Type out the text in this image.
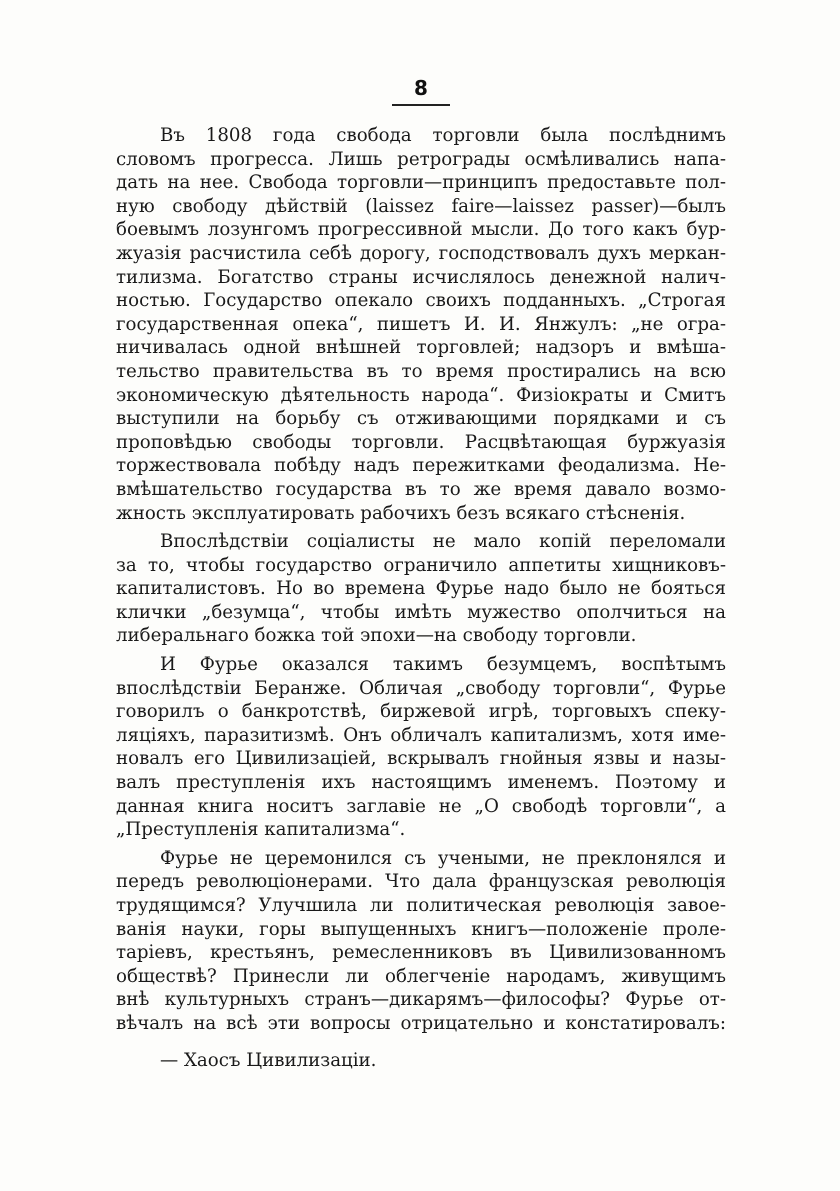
8
Въ 1808 года свобода торговли была послѣднимъ
словомъ прогресса. Лишь ретрограды осмѣливались напа-
дать на нее. Свобода торговли—принципъ предоставьте пол-
ную свободу дѣйствій (laissez faire—laissez passer)—былъ
боевымъ лозунгомъ прогрессивной мысли. До того какъ бур-
жуазія расчистила себѣ дорогу, господствовалъ духъ меркан-
тилизма. Богатство страны исчислялось денежной налич-
ностью. Государство опекало своихъ подданныхъ. „Строгая
государственная опека“, пишетъ И. И. Янжулъ: „не огра-
ничивалась одной внѣшней торговлей; надзоръ и вмѣша-
тельство правительства въ то время простирались на всю
экономическую дѣятельность народа“. Физіократы и Смитъ
выступили на борьбу съ отживающими порядками и съ
проповѣдью свободы торговли. Расцвѣтающая буржуазія
торжествовала побѣду надъ пережитками феодализма. Не-
вмѣшательство государства въ то же время давало возмо-
жность эксплуатировать рабочихъ безъ всякаго стѣсненія.
Впослѣдствіи соціалисты не мало копій переломали
за то, чтобы государство ограничило аппетиты хищниковъ-
капиталистовъ. Но во времена Фурье надо было не бояться
клички „безумца“, чтобы имѣть мужество ополчиться на
либеральнаго божка той эпохи—на свободу торговли.
И Фурье оказался такимъ безумцемъ, воспѣтымъ
впослѣдствіи Беранже. Обличая „свободу торговли“, Фурье
говорилъ о банкротствѣ, биржевой игрѣ, торговыхъ спеку-
ляціяхъ, паразитизмѣ. Онъ обличалъ капитализмъ, хотя име-
новалъ его Цивилизаціей, вскрывалъ гнойныя язвы и назы-
валъ преступленія ихъ настоящимъ именемъ. Поэтому и
данная книга носитъ заглавіе не „О свободѣ торговли“, а
„Преступленія капитализма“.
Фурье не церемонился съ учеными, не преклонялся и
передъ революціонерами. Что дала французская революція
трудящимся? Улучшила ли политическая революція завое-
ванія науки, горы выпущенныхъ книгъ—положеніе проле-
таріевъ, крестьянъ, ремесленниковъ въ Цивилизованномъ
обществѣ? Принесли ли облегченіе народамъ, живущимъ
внѣ культурныхъ странъ—дикарямъ—философы? Фурье от-
вѣчалъ на всѣ эти вопросы отрицательно и констатировалъ:
— Хаосъ Цивилизаціи.
